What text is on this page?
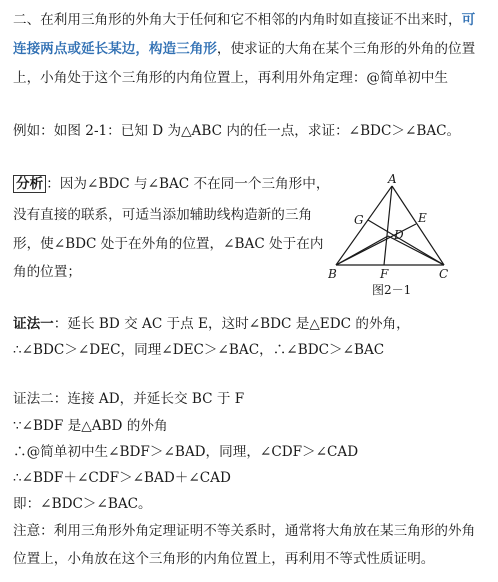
二、在利用三角形的外角大于任何和它不相邻的内角时如直接证不出来时，可
连接两点或延长某边，构造三角形，使求证的大角在某个三角形的外角的位置
上，小角处于这个三角形的内角位置上，再利用外角定理：@简单初中生
例如：如图 2-1：已知 D 为△ABC 内的任一点，求证：∠BDC＞∠BAC。
分析 ：因为∠BDC 与∠BAC 不在同一个三角形中，
没有直接的联系，可适当添加辅助线构造新的三角
形，使∠BDC 处于在外角的位置，∠BAC 处于在内
角的位置；
A
B	C
D
E
F
G
图2－1
证法一：延长 BD 交 AC 于点 E，这时∠BDC 是△EDC 的外角，
∴∠BDC＞∠DEC，同理∠DEC＞∠BAC，∴∠BDC＞∠BAC
证法二：连接 AD，并延长交 BC 于 F
∵∠BDF 是△ABD 的外角
∴@简单初中生∠BDF＞∠BAD，同理，∠CDF＞∠CAD
∴∠BDF＋∠CDF＞∠BAD＋∠CAD
即：∠BDC＞∠BAC。
注意：利用三角形外角定理证明不等关系时，通常将大角放在某三角形的外角
位置上，小角放在这个三角形的内角位置上，再利用不等式性质证明。
